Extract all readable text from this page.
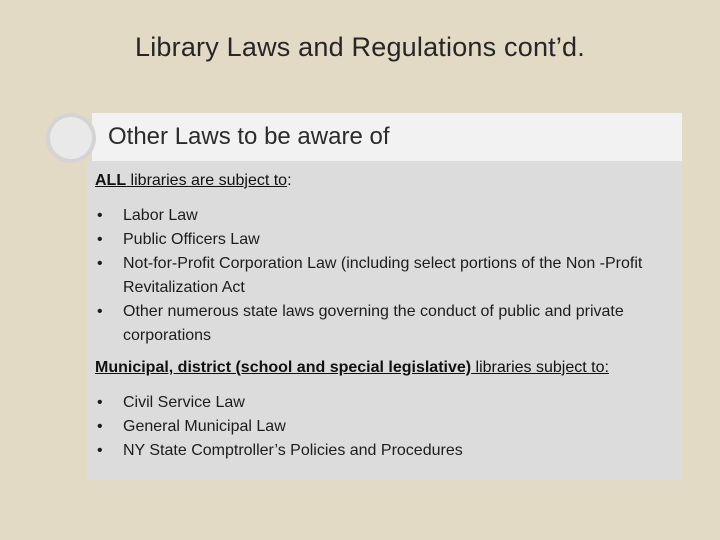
Library Laws and Regulations cont’d.
Other Laws to be aware of
ALL libraries are subject to:
• Labor Law
• Public Officers Law
• Not-for-Profit Corporation Law (including select portions of the Non -Profit Revitalization Act
• Other numerous state laws governing the conduct of public and private corporations
Municipal, district (school and special legislative) libraries subject to:
• Civil Service Law
• General Municipal Law
• NY State Comptroller’s Policies and Procedures
